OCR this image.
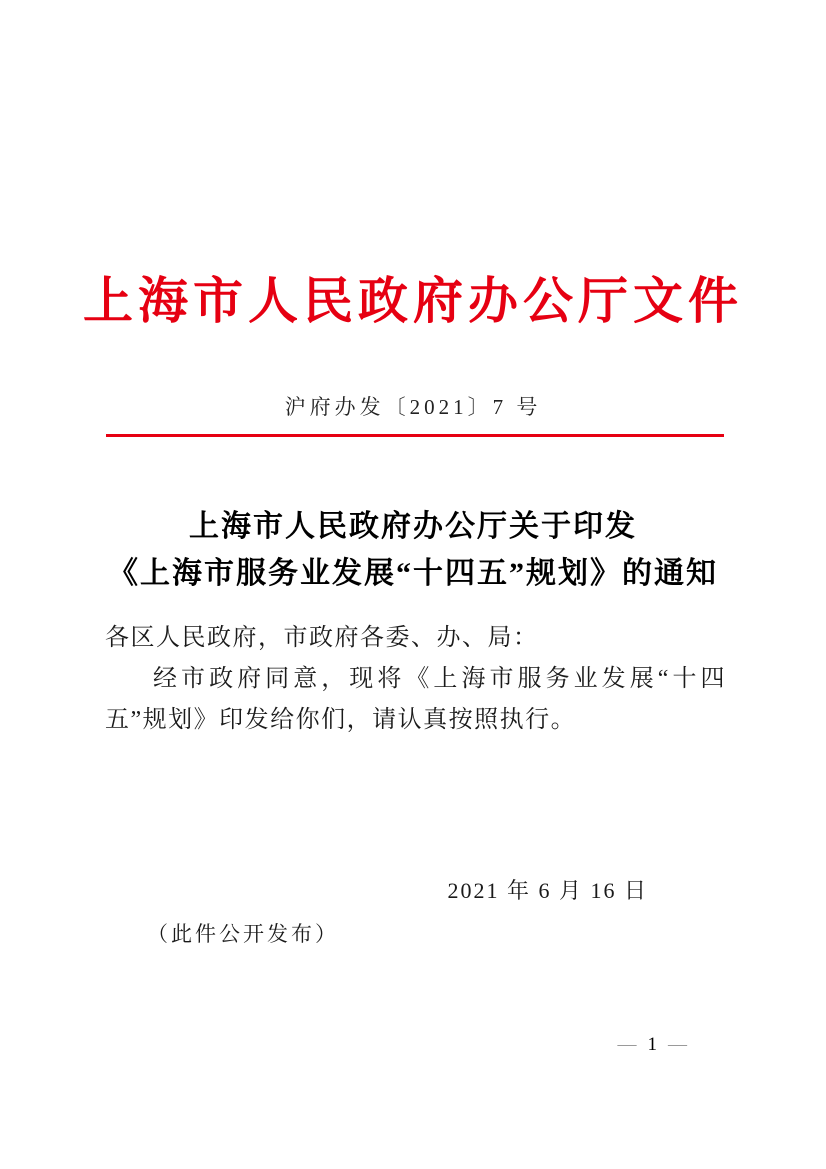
上海市人民政府办公厅文件
沪府办发〔2021〕7 号
上海市人民政府办公厅关于印发
《上海市服务业发展“十四五”规划》的通知

各区人民政府，市政府各委、办、局：

经市政府同意，现将《上海市服务业发展“十四五”规划》印发给你们，请认真按照执行。

2021 年 6 月 16 日
（此件公开发布）
— 1 —
